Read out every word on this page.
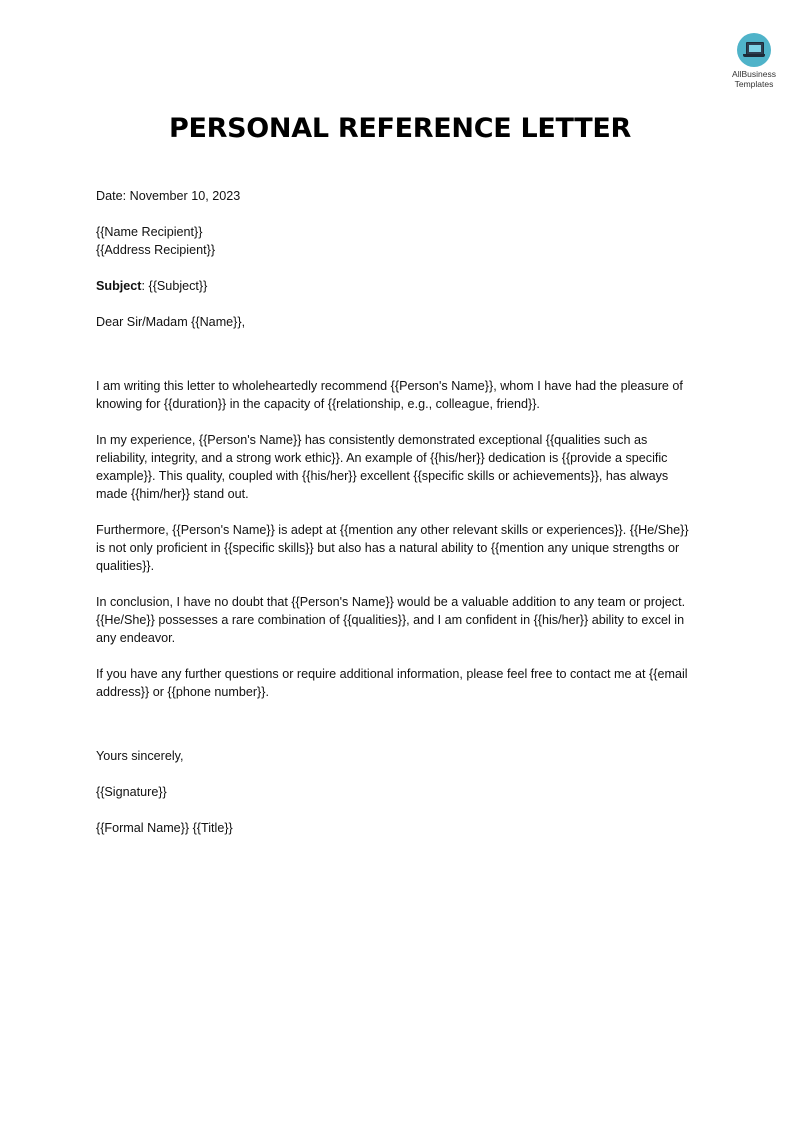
AllBusiness
Templates
PERSONAL REFERENCE LETTER

Date: November 10, 2023

{{Name Recipient}}

{{Address Recipient}}

Subject: {{Subject}}

Dear Sir/Madam {{Name}},

I am writing this letter to wholeheartedly recommend {{Person's Name}}, whom I have had the pleasure of knowing for {{duration}} in the capacity of {{relationship, e.g., colleague, friend}}.

In my experience, {{Person's Name}} has consistently demonstrated exceptional {{qualities such as reliability, integrity, and a strong work ethic}}. An example of {{his/her}} dedication is {{provide a specific example}}. This quality, coupled with {{his/her}} excellent {{specific skills or achievements}}, has always made {{him/her}} stand out.

Furthermore, {{Person's Name}} is adept at {{mention any other relevant skills or experiences}}. {{He/She}} is not only proficient in {{specific skills}} but also has a natural ability to {{mention any unique strengths or qualities}}.

In conclusion, I have no doubt that {{Person's Name}} would be a valuable addition to any team or project. {{He/She}} possesses a rare combination of {{qualities}}, and I am confident in {{his/her}} ability to excel in any endeavor.

If you have any further questions or require additional information, please feel free to contact me at {{email address}} or {{phone number}}.

Yours sincerely,

{{Signature}}

{{Formal Name}} {{Title}}
